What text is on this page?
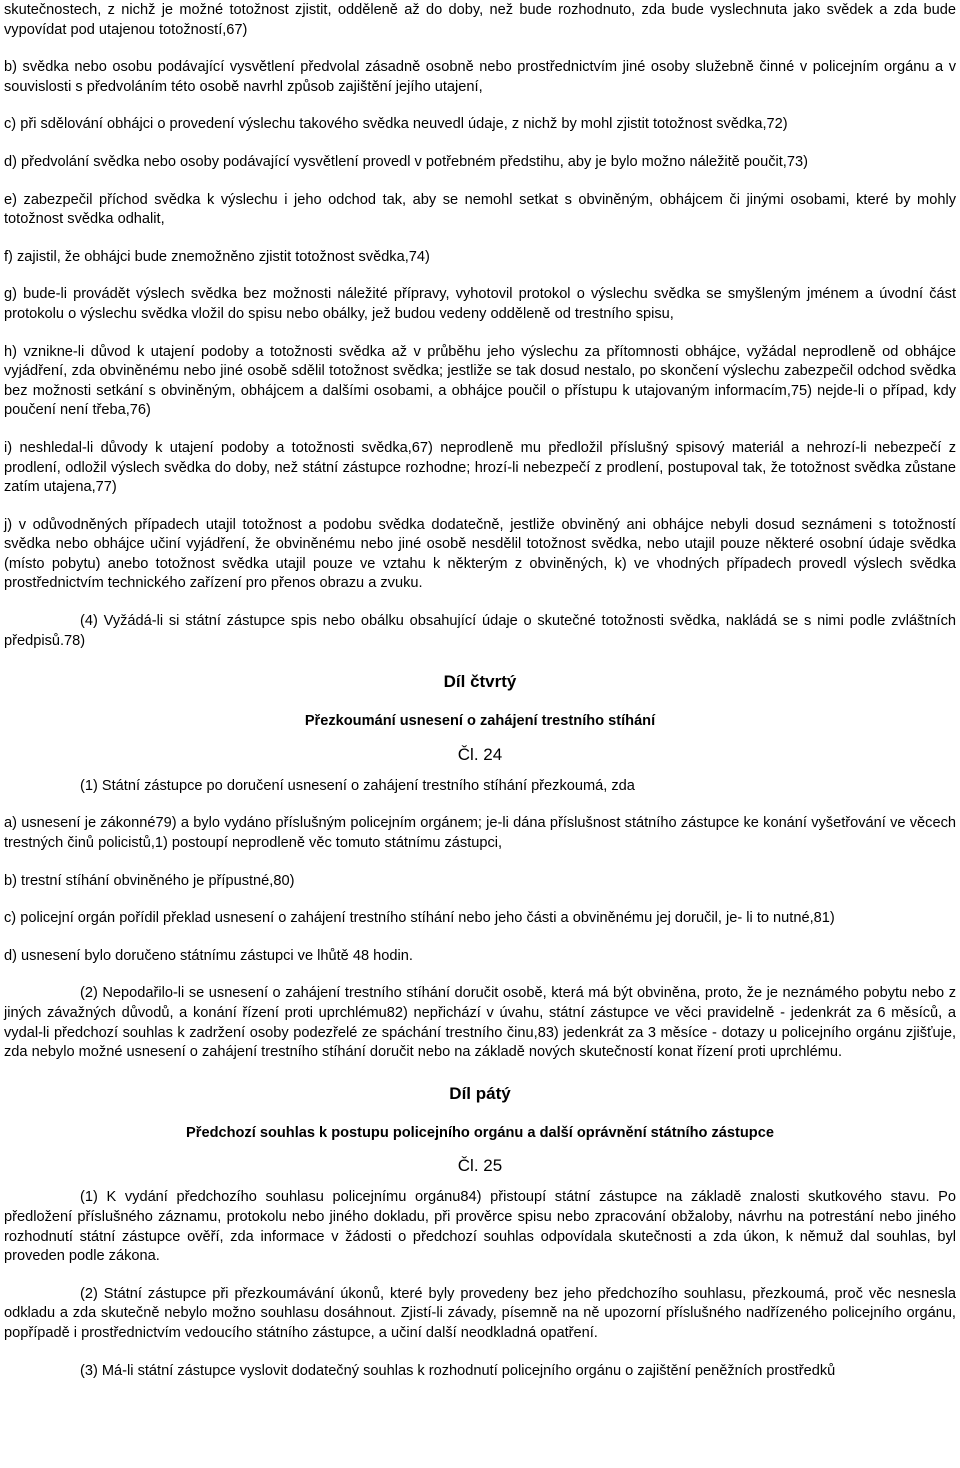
skutečnostech, z nichž je možné totožnost zjistit, odděleně až do doby, než bude rozhodnuto, zda bude vyslechnuta jako svědek a zda bude vypovídat pod utajenou totožností,67)

b) svědka nebo osobu podávající vysvětlení předvolal zásadně osobně nebo prostřednictvím jiné osoby služebně činné v policejním orgánu a v souvislosti s předvoláním této osobě navrhl způsob zajištění jejího utajení,

c) při sdělování obhájci o provedení výslechu takového svědka neuvedl údaje, z nichž by mohl zjistit totožnost svědka,72)

d) předvolání svědka nebo osoby podávající vysvětlení provedl v potřebném předstihu, aby je bylo možno náležitě poučit,73)

e) zabezpečil příchod svědka k výslechu i jeho odchod tak, aby se nemohl setkat s obviněným, obhájcem či jinými osobami, které by mohly totožnost svědka odhalit,

f) zajistil, že obhájci bude znemožněno zjistit totožnost svědka,74)

g) bude-li provádět výslech svědka bez možnosti náležité přípravy, vyhotovil protokol o výslechu svědka se smyšleným jménem a úvodní část protokolu o výslechu svědka vložil do spisu nebo obálky, jež budou vedeny odděleně od trestního spisu,

h) vznikne-li důvod k utajení podoby a totožnosti svědka až v průběhu jeho výslechu za přítomnosti obhájce, vyžádal neprodleně od obhájce vyjádření, zda obviněnému nebo jiné osobě sdělil totožnost svědka; jestliže se tak dosud nestalo, po skončení výslechu zabezpečil odchod svědka bez možnosti setkání s obviněným, obhájcem a dalšími osobami, a obhájce poučil o přístupu k utajovaným informacím,75) nejde-li o případ, kdy poučení není třeba,76)

i) neshledal-li důvody k utajení podoby a totožnosti svědka,67) neprodleně mu předložil příslušný spisový materiál a nehrozí-li nebezpečí z prodlení, odložil výslech svědka do doby, než státní zástupce rozhodne; hrozí-li nebezpečí z prodlení, postupoval tak, že totožnost svědka zůstane zatím utajena,77)

j) v odůvodněných případech utajil totožnost a podobu svědka dodatečně, jestliže obviněný ani obhájce nebyli dosud seznámeni s totožností svědka nebo obhájce učiní vyjádření, že obviněnému nebo jiné osobě nesdělil totožnost svědka, nebo utajil pouze některé osobní údaje svědka (místo pobytu) anebo totožnost svědka utajil pouze ve vztahu k některým z obviněných, k) ve vhodných případech provedl výslech svědka prostřednictvím technického zařízení pro přenos obrazu a zvuku.

(4) Vyžádá-li si státní zástupce spis nebo obálku obsahující údaje o skutečné totožnosti svědka, nakládá se s nimi podle zvláštních předpisů.78)

Díl čtvrtý

Přezkoumání usnesení o zahájení trestního stíhání

Čl. 24

(1) Státní zástupce po doručení usnesení o zahájení trestního stíhání přezkoumá, zda

a) usnesení je zákonné79) a bylo vydáno příslušným policejním orgánem; je-li dána příslušnost státního zástupce ke konání vyšetřování ve věcech trestných činů policistů,1) postoupí neprodleně věc tomuto státnímu zástupci,

b) trestní stíhání obviněného je přípustné,80)

c) policejní orgán pořídil překlad usnesení o zahájení trestního stíhání nebo jeho části a obviněnému jej doručil, je- li to nutné,81)

d) usnesení bylo doručeno státnímu zástupci ve lhůtě 48 hodin.

(2) Nepodařilo-li se usnesení o zahájení trestního stíhání doručit osobě, která má být obviněna, proto, že je neznámého pobytu nebo z jiných závažných důvodů, a konání řízení proti uprchlému82) nepřichází v úvahu, státní zástupce ve věci pravidelně - jedenkrát za 6 měsíců, a vydal-li předchozí souhlas k zadržení osoby podezřelé ze spáchání trestního činu,83) jedenkrát za 3 měsíce - dotazy u policejního orgánu zjišťuje, zda nebylo možné usnesení o zahájení trestního stíhání doručit nebo na základě nových skutečností konat řízení proti uprchlému.

Díl pátý

Předchozí souhlas k postupu policejního orgánu a další oprávnění státního zástupce

Čl. 25

(1) K vydání předchozího souhlasu policejnímu orgánu84) přistoupí státní zástupce na základě znalosti skutkového stavu. Po předložení příslušného záznamu, protokolu nebo jiného dokladu, při prověrce spisu nebo zpracování obžaloby, návrhu na potrestání nebo jiného rozhodnutí státní zástupce ověří, zda informace v žádosti o předchozí souhlas odpovídala skutečnosti a zda úkon, k němuž dal souhlas, byl proveden podle zákona.

(2) Státní zástupce při přezkoumávání úkonů, které byly provedeny bez jeho předchozího souhlasu, přezkoumá, proč věc nesnesla odkladu a zda skutečně nebylo možno souhlasu dosáhnout. Zjistí-li závady, písemně na ně upozorní příslušného nadřízeného policejního orgánu, popřípadě i prostřednictvím vedoucího státního zástupce, a učiní další neodkladná opatření.

(3) Má-li státní zástupce vyslovit dodatečný souhlas k rozhodnutí policejního orgánu o zajištění peněžních prostředků
